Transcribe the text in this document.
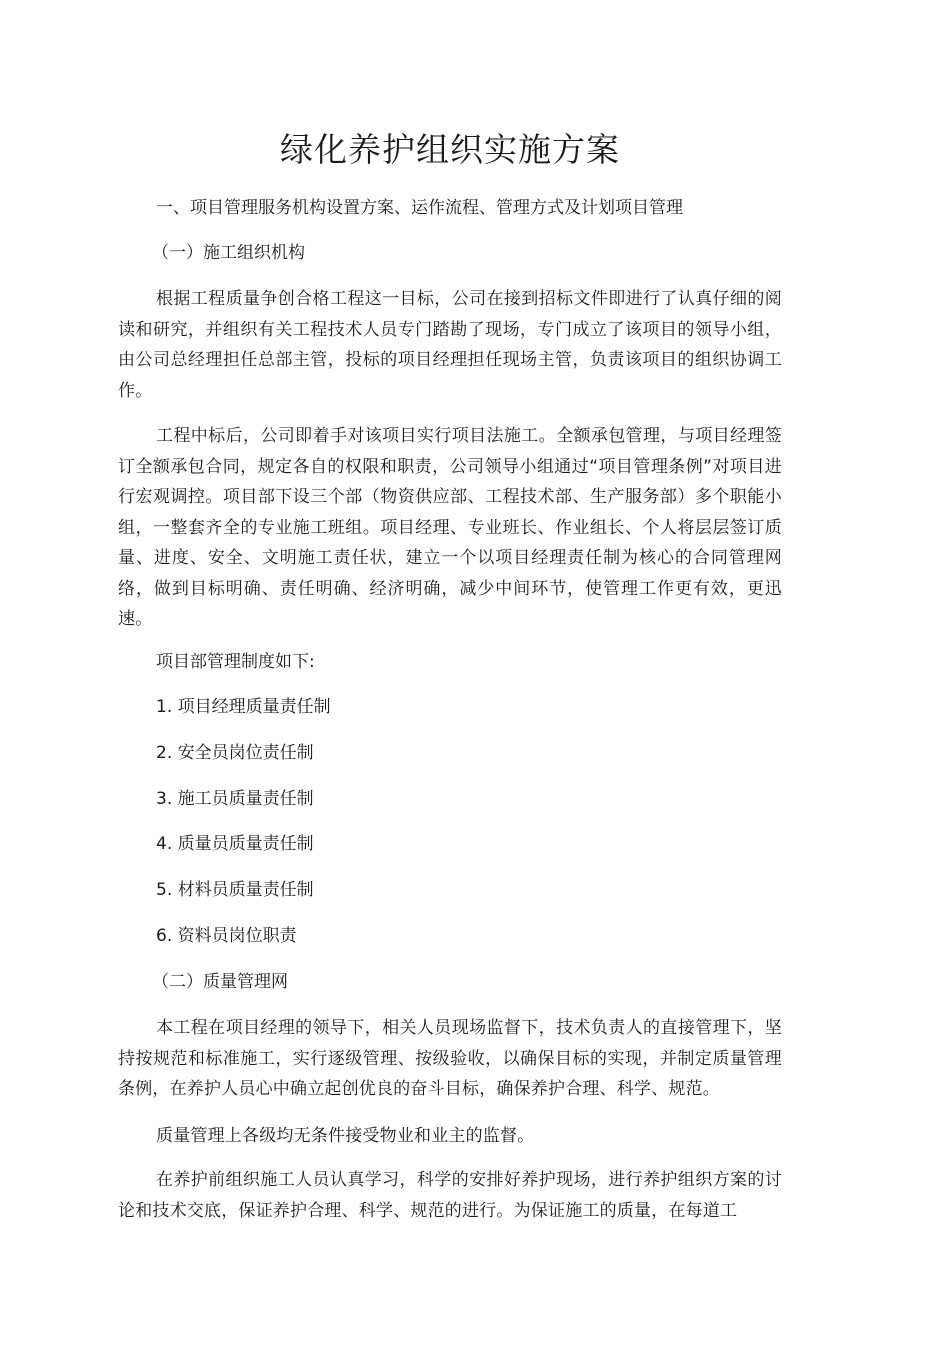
绿化养护组织实施方案
一、项目管理服务机构设置方案、运作流程、管理方式及计划项目管理
（一）施工组织机构
根据工程质量争创合格工程这一目标，公司在接到招标文件即进行了认真仔细的阅读和研究，并组织有关工程技术人员专门踏勘了现场，专门成立了该项目的领导小组，由公司总经理担任总部主管，投标的项目经理担任现场主管，负责该项目的组织协调工作。
工程中标后，公司即着手对该项目实行项目法施工。全额承包管理，与项目经理签订全额承包合同，规定各自的权限和职责，公司领导小组通过“项目管理条例”对项目进行宏观调控。项目部下设三个部（物资供应部、工程技术部、生产服务部）多个职能小组，一整套齐全的专业施工班组。项目经理、专业班长、作业组长、个人将层层签订质量、进度、安全、文明施工责任状，建立一个以项目经理责任制为核心的合同管理网络，做到目标明确、责任明确、经济明确，减少中间环节，使管理工作更有效，更迅速。
项目部管理制度如下:
1. 项目经理质量责任制
2. 安全员岗位责任制
3. 施工员质量责任制
4. 质量员质量责任制
5. 材料员质量责任制
6. 资料员岗位职责
（二）质量管理网
本工程在项目经理的领导下，相关人员现场监督下，技术负责人的直接管理下，坚持按规范和标准施工，实行逐级管理、按级验收，以确保目标的实现，并制定质量管理条例，在养护人员心中确立起创优良的奋斗目标，确保养护合理、科学、规范。
质量管理上各级均无条件接受物业和业主的监督。
在养护前组织施工人员认真学习，科学的安排好养护现场，进行养护组织方案的讨论和技术交底，保证养护合理、科学、规范的进行。为保证施工的质量，在每道工
